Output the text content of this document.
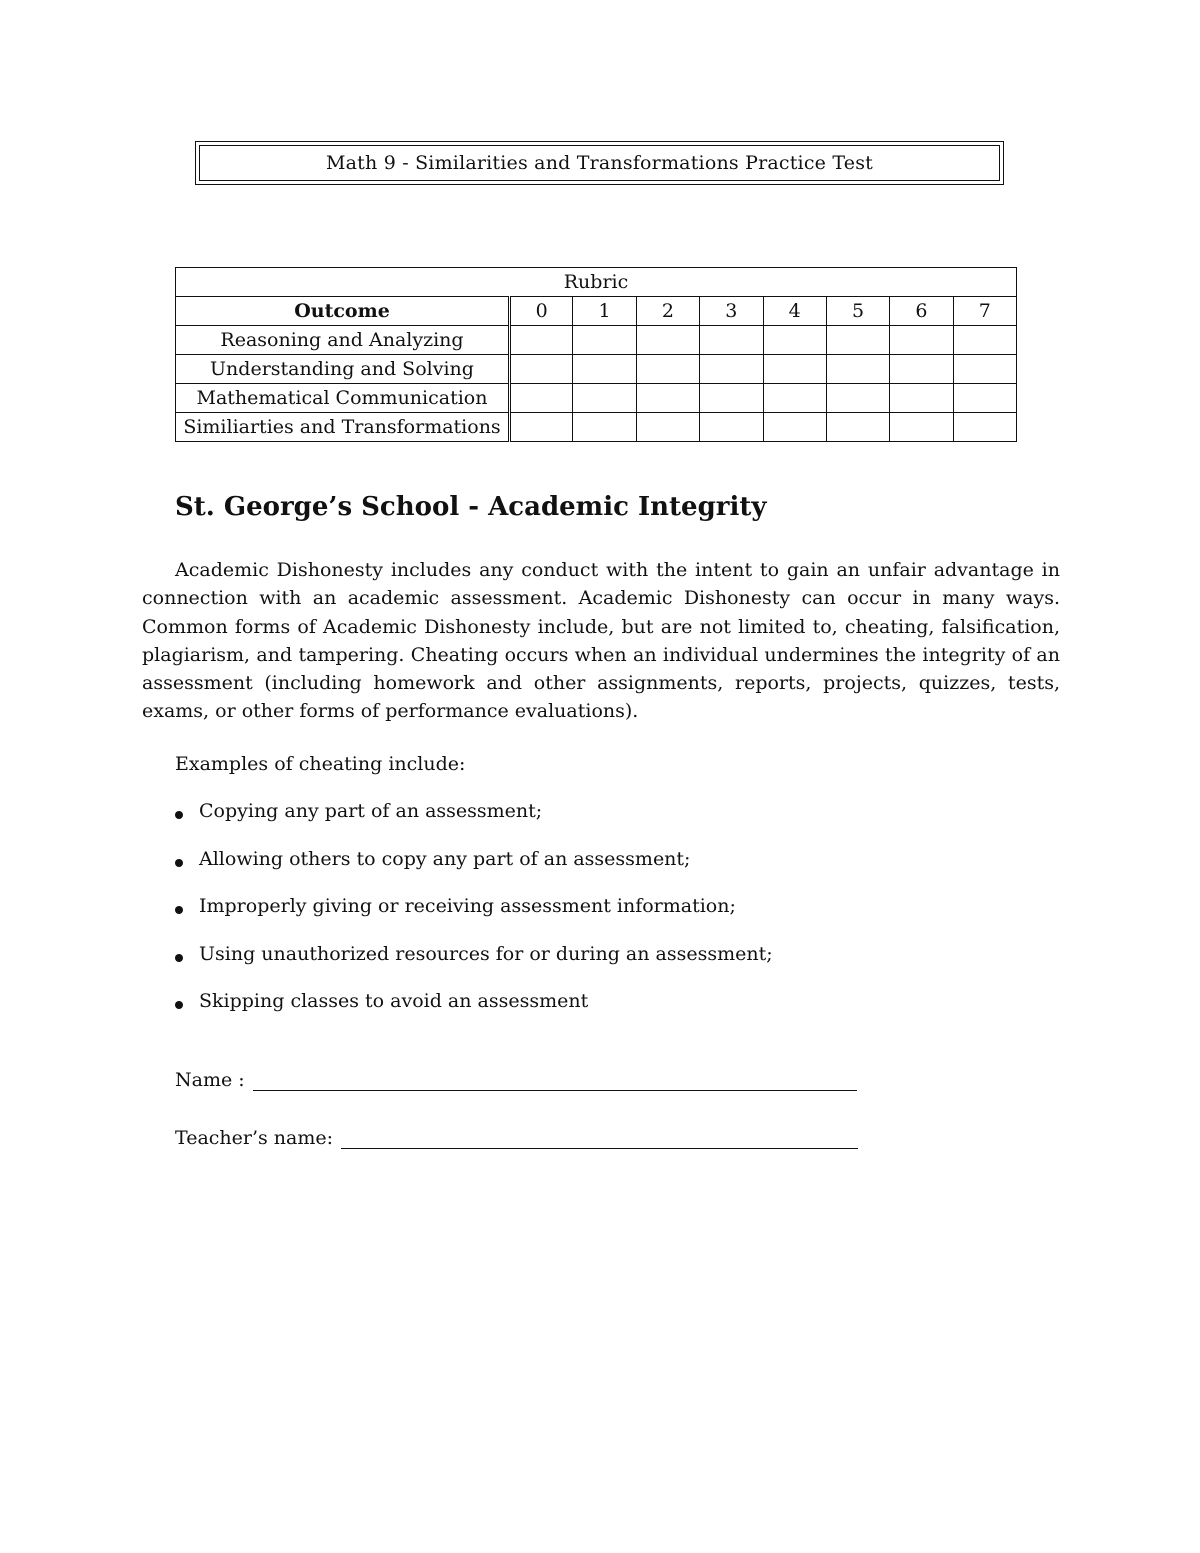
Math 9 - Similarities and Transformations Practice Test
Rubric								
Outcome	0	1	2	3	4	5	6	7
Reasoning and Analyzing								
Understanding and Solving								
Mathematical Communication								
Similiarties and Transformations								
St. George’s School - Academic Integrity

Academic Dishonesty includes any conduct with the intent to gain an unfair advantage in connection with an academic assessment. Academic Dishonesty can occur in many ways. Common forms of Academic Dishonesty include, but are not limited to, cheating, falsification, plagiarism, and tampering. Cheating occurs when an individual undermines the integrity of an assessment (including homework and other assignments, reports, projects, quizzes, tests, exams, or other forms of performance evaluations).

Examples of cheating include:

Copying any part of an assessment;
Allowing others to copy any part of an assessment;
Improperly giving or receiving assessment information;
Using unauthorized resources for or during an assessment;
Skipping classes to avoid an assessment
Name :
Teacher’s name:
